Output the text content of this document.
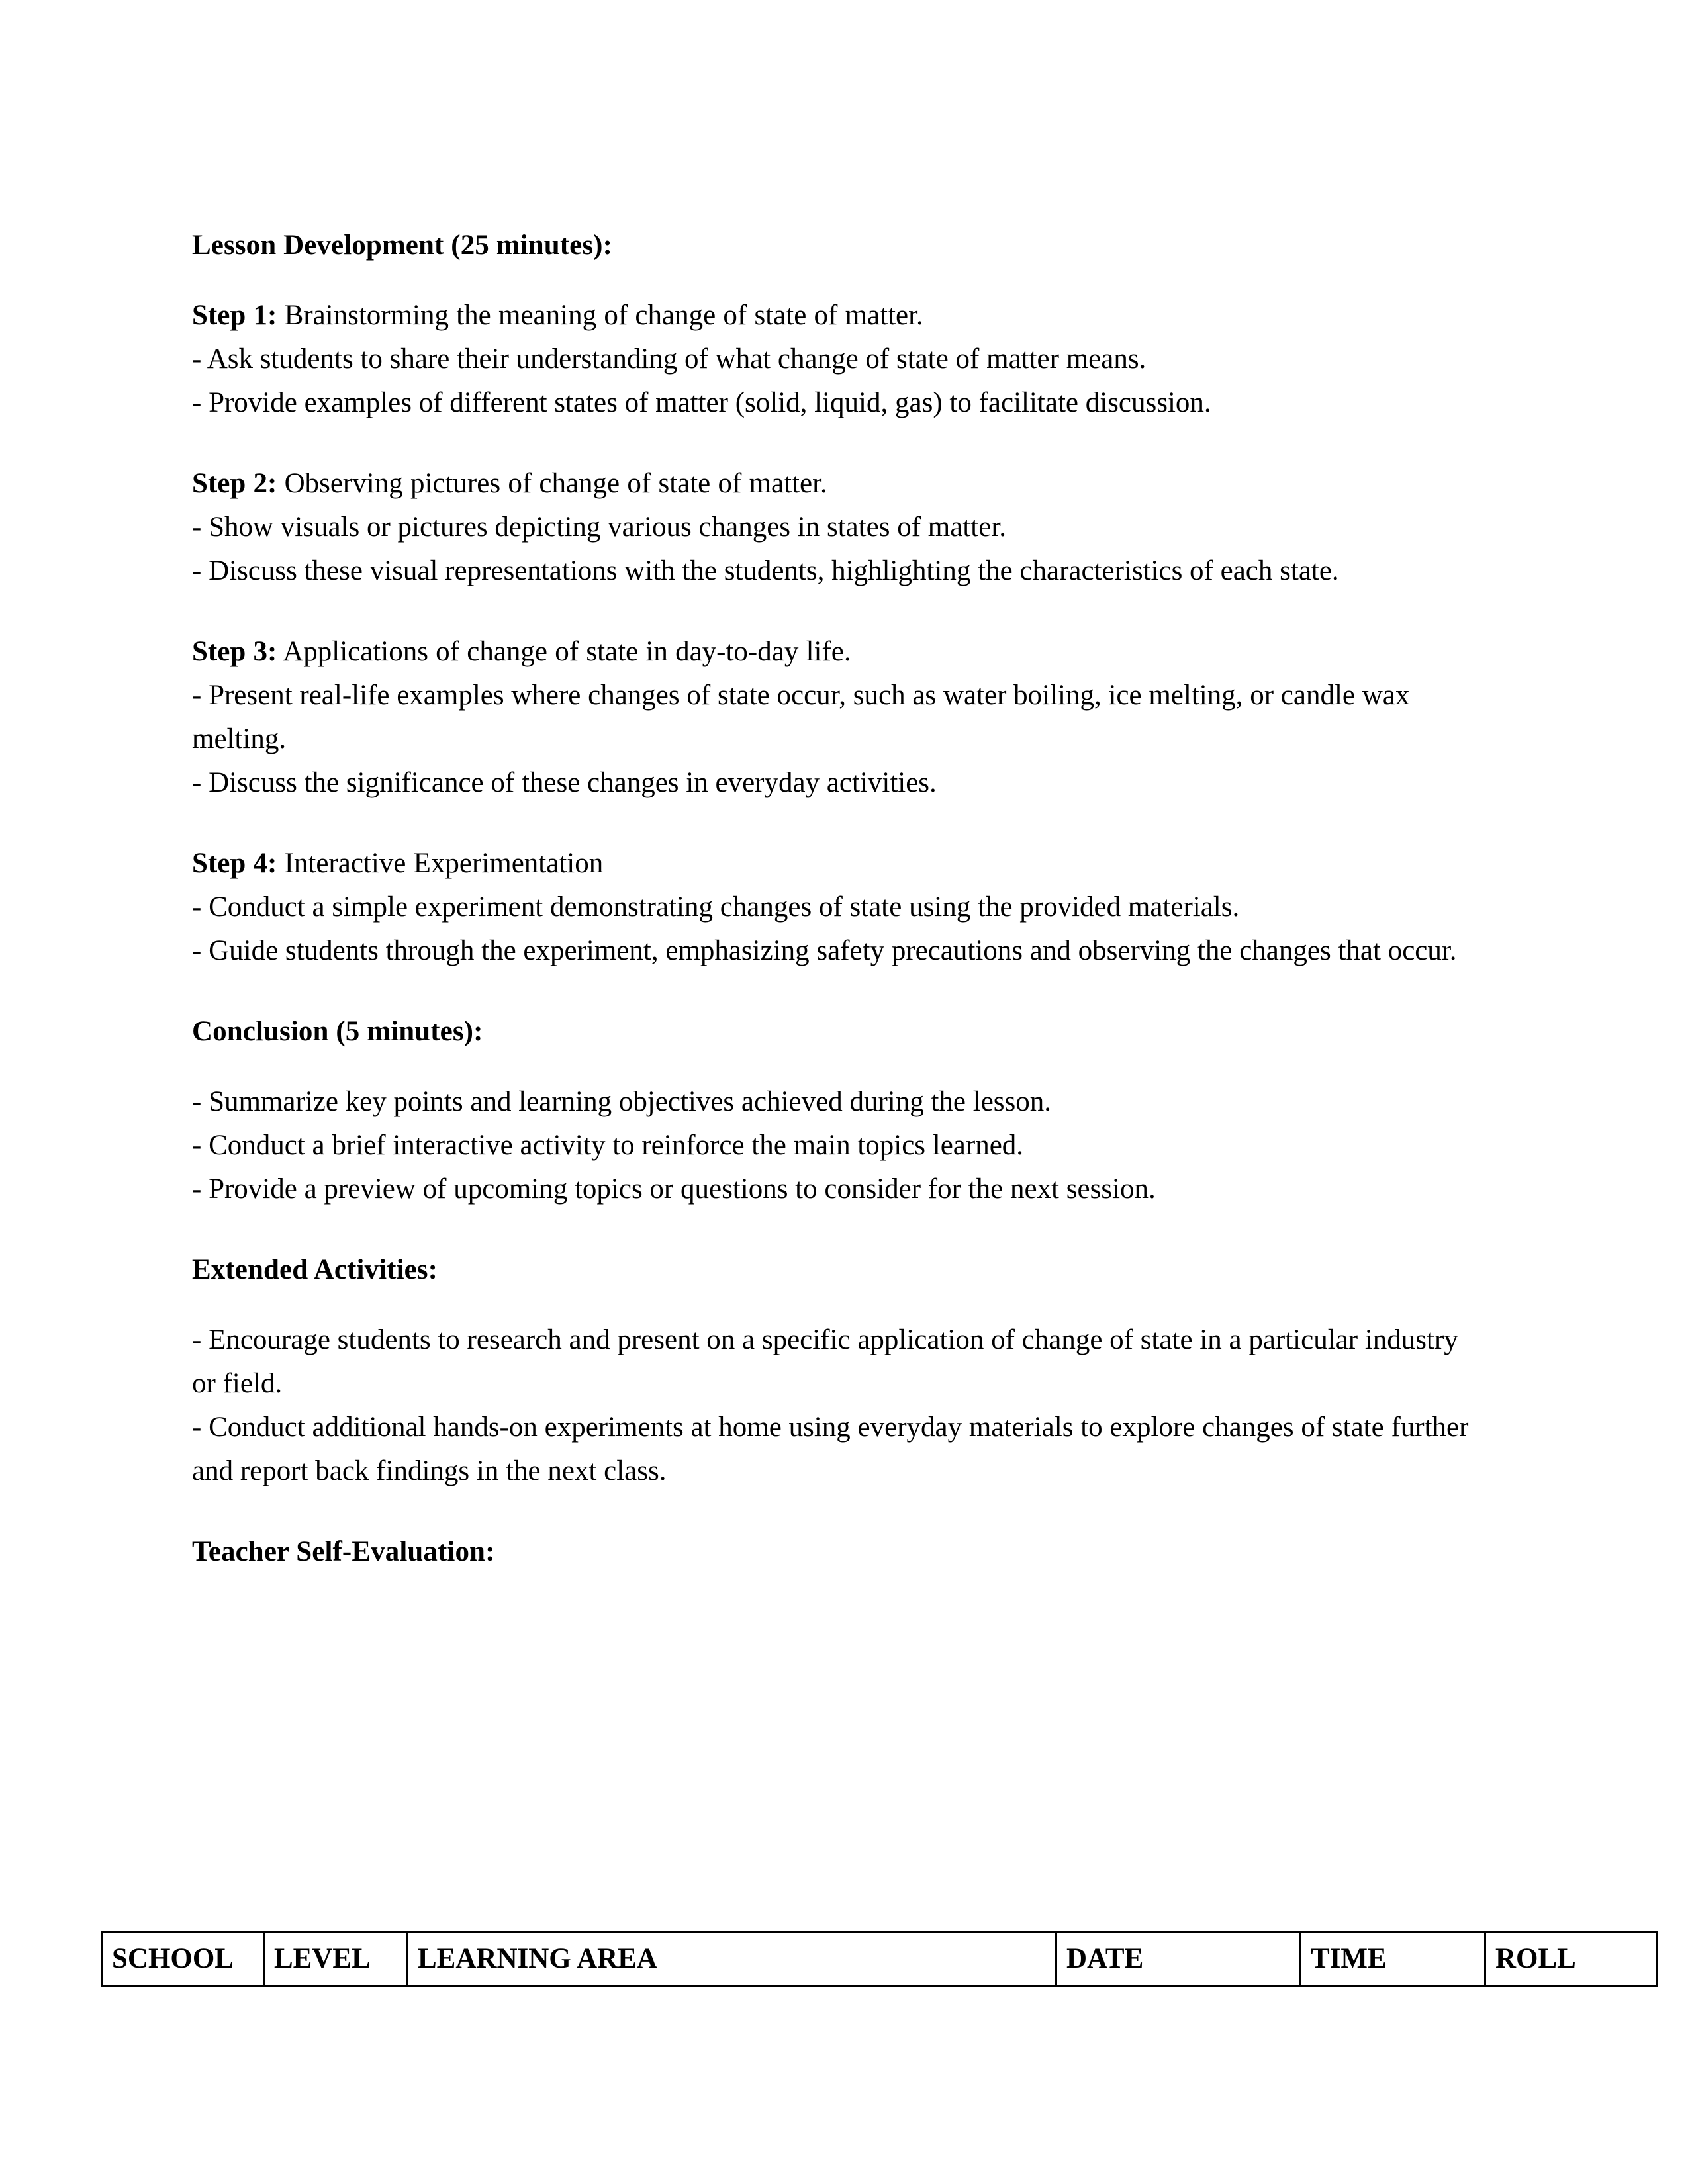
Lesson Development (25 minutes):

Step 1: Brainstorming the meaning of change of state of matter.

- Ask students to share their understanding of what change of state of matter means.
- Provide examples of different states of matter (solid, liquid, gas) to facilitate discussion.

Step 2: Observing pictures of change of state of matter.

- Show visuals or pictures depicting various changes in states of matter.
- Discuss these visual representations with the students, highlighting the characteristics of each state.

Step 3: Applications of change of state in day-to-day life.

- Present real-life examples where changes of state occur, such as water boiling, ice melting, or candle wax melting.
- Discuss the significance of these changes in everyday activities.

Step 4: Interactive Experimentation

- Conduct a simple experiment demonstrating changes of state using the provided materials.
- Guide students through the experiment, emphasizing safety precautions and observing the changes that occur.
Conclusion (5 minutes):
- Summarize key points and learning objectives achieved during the lesson.
- Conduct a brief interactive activity to reinforce the main topics learned.
- Provide a preview of upcoming topics or questions to consider for the next session.
Extended Activities:
- Encourage students to research and present on a specific application of change of state in a particular industry or field.
- Conduct additional hands-on experiments at home using everyday materials to explore changes of state further and report back findings in the next class.
Teacher Self-Evaluation:
SCHOOL	LEVEL	LEARNING AREA	DATE	TIME	ROLL
